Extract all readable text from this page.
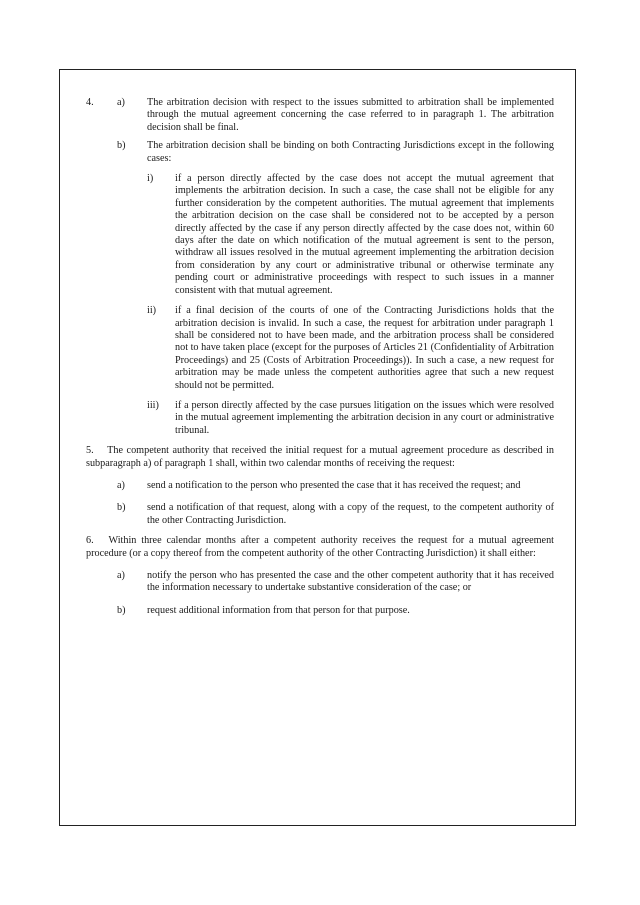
4. a) The arbitration decision with respect to the issues submitted to arbitration shall be implemented through the mutual agreement concerning the case referred to in paragraph 1. The arbitration decision shall be final.
b) The arbitration decision shall be binding on both Contracting Jurisdictions except in the following cases:
i) if a person directly affected by the case does not accept the mutual agreement that implements the arbitration decision. In such a case, the case shall not be eligible for any further consideration by the competent authorities. The mutual agreement that implements the arbitration decision on the case shall be considered not to be accepted by a person directly affected by the case if any person directly affected by the case does not, within 60 days after the date on which notification of the mutual agreement is sent to the person, withdraw all issues resolved in the mutual agreement implementing the arbitration decision from consideration by any court or administrative tribunal or otherwise terminate any pending court or administrative proceedings with respect to such issues in a manner consistent with that mutual agreement.
ii) if a final decision of the courts of one of the Contracting Jurisdictions holds that the arbitration decision is invalid. In such a case, the request for arbitration under paragraph 1 shall be considered not to have been made, and the arbitration process shall be considered not to have taken place (except for the purposes of Articles 21 (Confidentiality of Arbitration Proceedings) and 25 (Costs of Arbitration Proceedings)). In such a case, a new request for arbitration may be made unless the competent authorities agree that such a new request should not be permitted.
iii) if a person directly affected by the case pursues litigation on the issues which were resolved in the mutual agreement implementing the arbitration decision in any court or administrative tribunal.
5.  The competent authority that received the initial request for a mutual agreement procedure as described in subparagraph a) of paragraph 1 shall, within two calendar months of receiving the request:
a) send a notification to the person who presented the case that it has received the request; and
b) send a notification of that request, along with a copy of the request, to the competent authority of the other Contracting Jurisdiction.
6.  Within three calendar months after a competent authority receives the request for a mutual agreement procedure (or a copy thereof from the competent authority of the other Contracting Jurisdiction) it shall either:
a) notify the person who has presented the case and the other competent authority that it has received the information necessary to undertake substantive consideration of the case; or
b) request additional information from that person for that purpose.
